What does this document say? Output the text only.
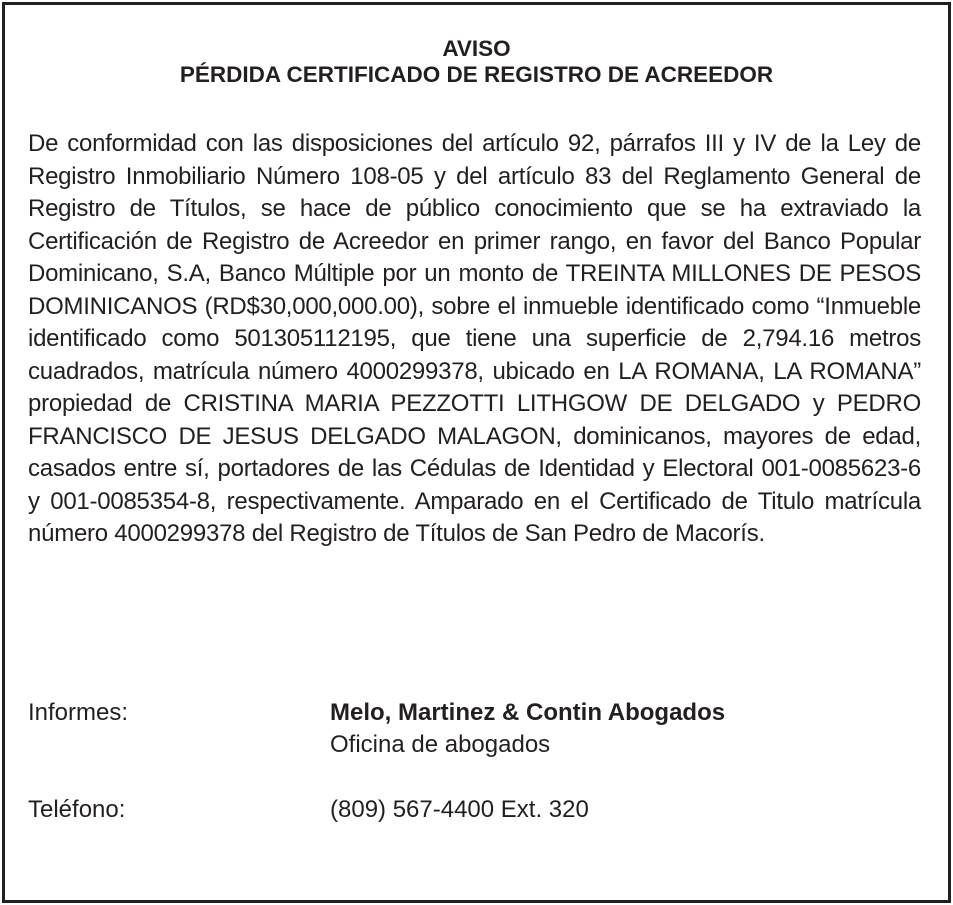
AVISO
PÉRDIDA CERTIFICADO DE REGISTRO DE ACREEDOR

De conformidad con las disposiciones del artículo 92, párrafos III y IV de la Ley de Registro Inmobiliario Número 108-05 y del artículo 83 del Reglamento General de Registro de Títulos, se hace de público conocimiento que se ha extraviado la Certificación de Registro de Acreedor en primer rango, en favor del Banco Popular Dominicano, S.A, Banco Múltiple por un monto de TREINTA MILLONES DE PESOS DOMINICANOS (RD$30,000,000.00), sobre el inmueble identificado como “Inmueble identificado como 501305112195, que tiene una superficie de 2,794.16 metros cuadrados, matrícula número 4000299378, ubicado en LA ROMANA, LA ROMANA” propiedad de CRISTINA MARIA PEZZOTTI LITHGOW DE DELGADO y PEDRO FRANCISCO DE JESUS DELGADO MALAGON, dominicanos, mayores de edad, casados entre sí, portadores de las Cédulas de Identidad y Electoral 001-0085623-6 y 001-0085354-8, respectivamente. Amparado en el Certificado de Titulo matrícula número 4000299378 del Registro de Títulos de San Pedro de Macorís.

Informes:	Melo, Martinez & Contin Abogados
Oficina de abogados
Teléfono:	(809) 567-4400 Ext. 320
